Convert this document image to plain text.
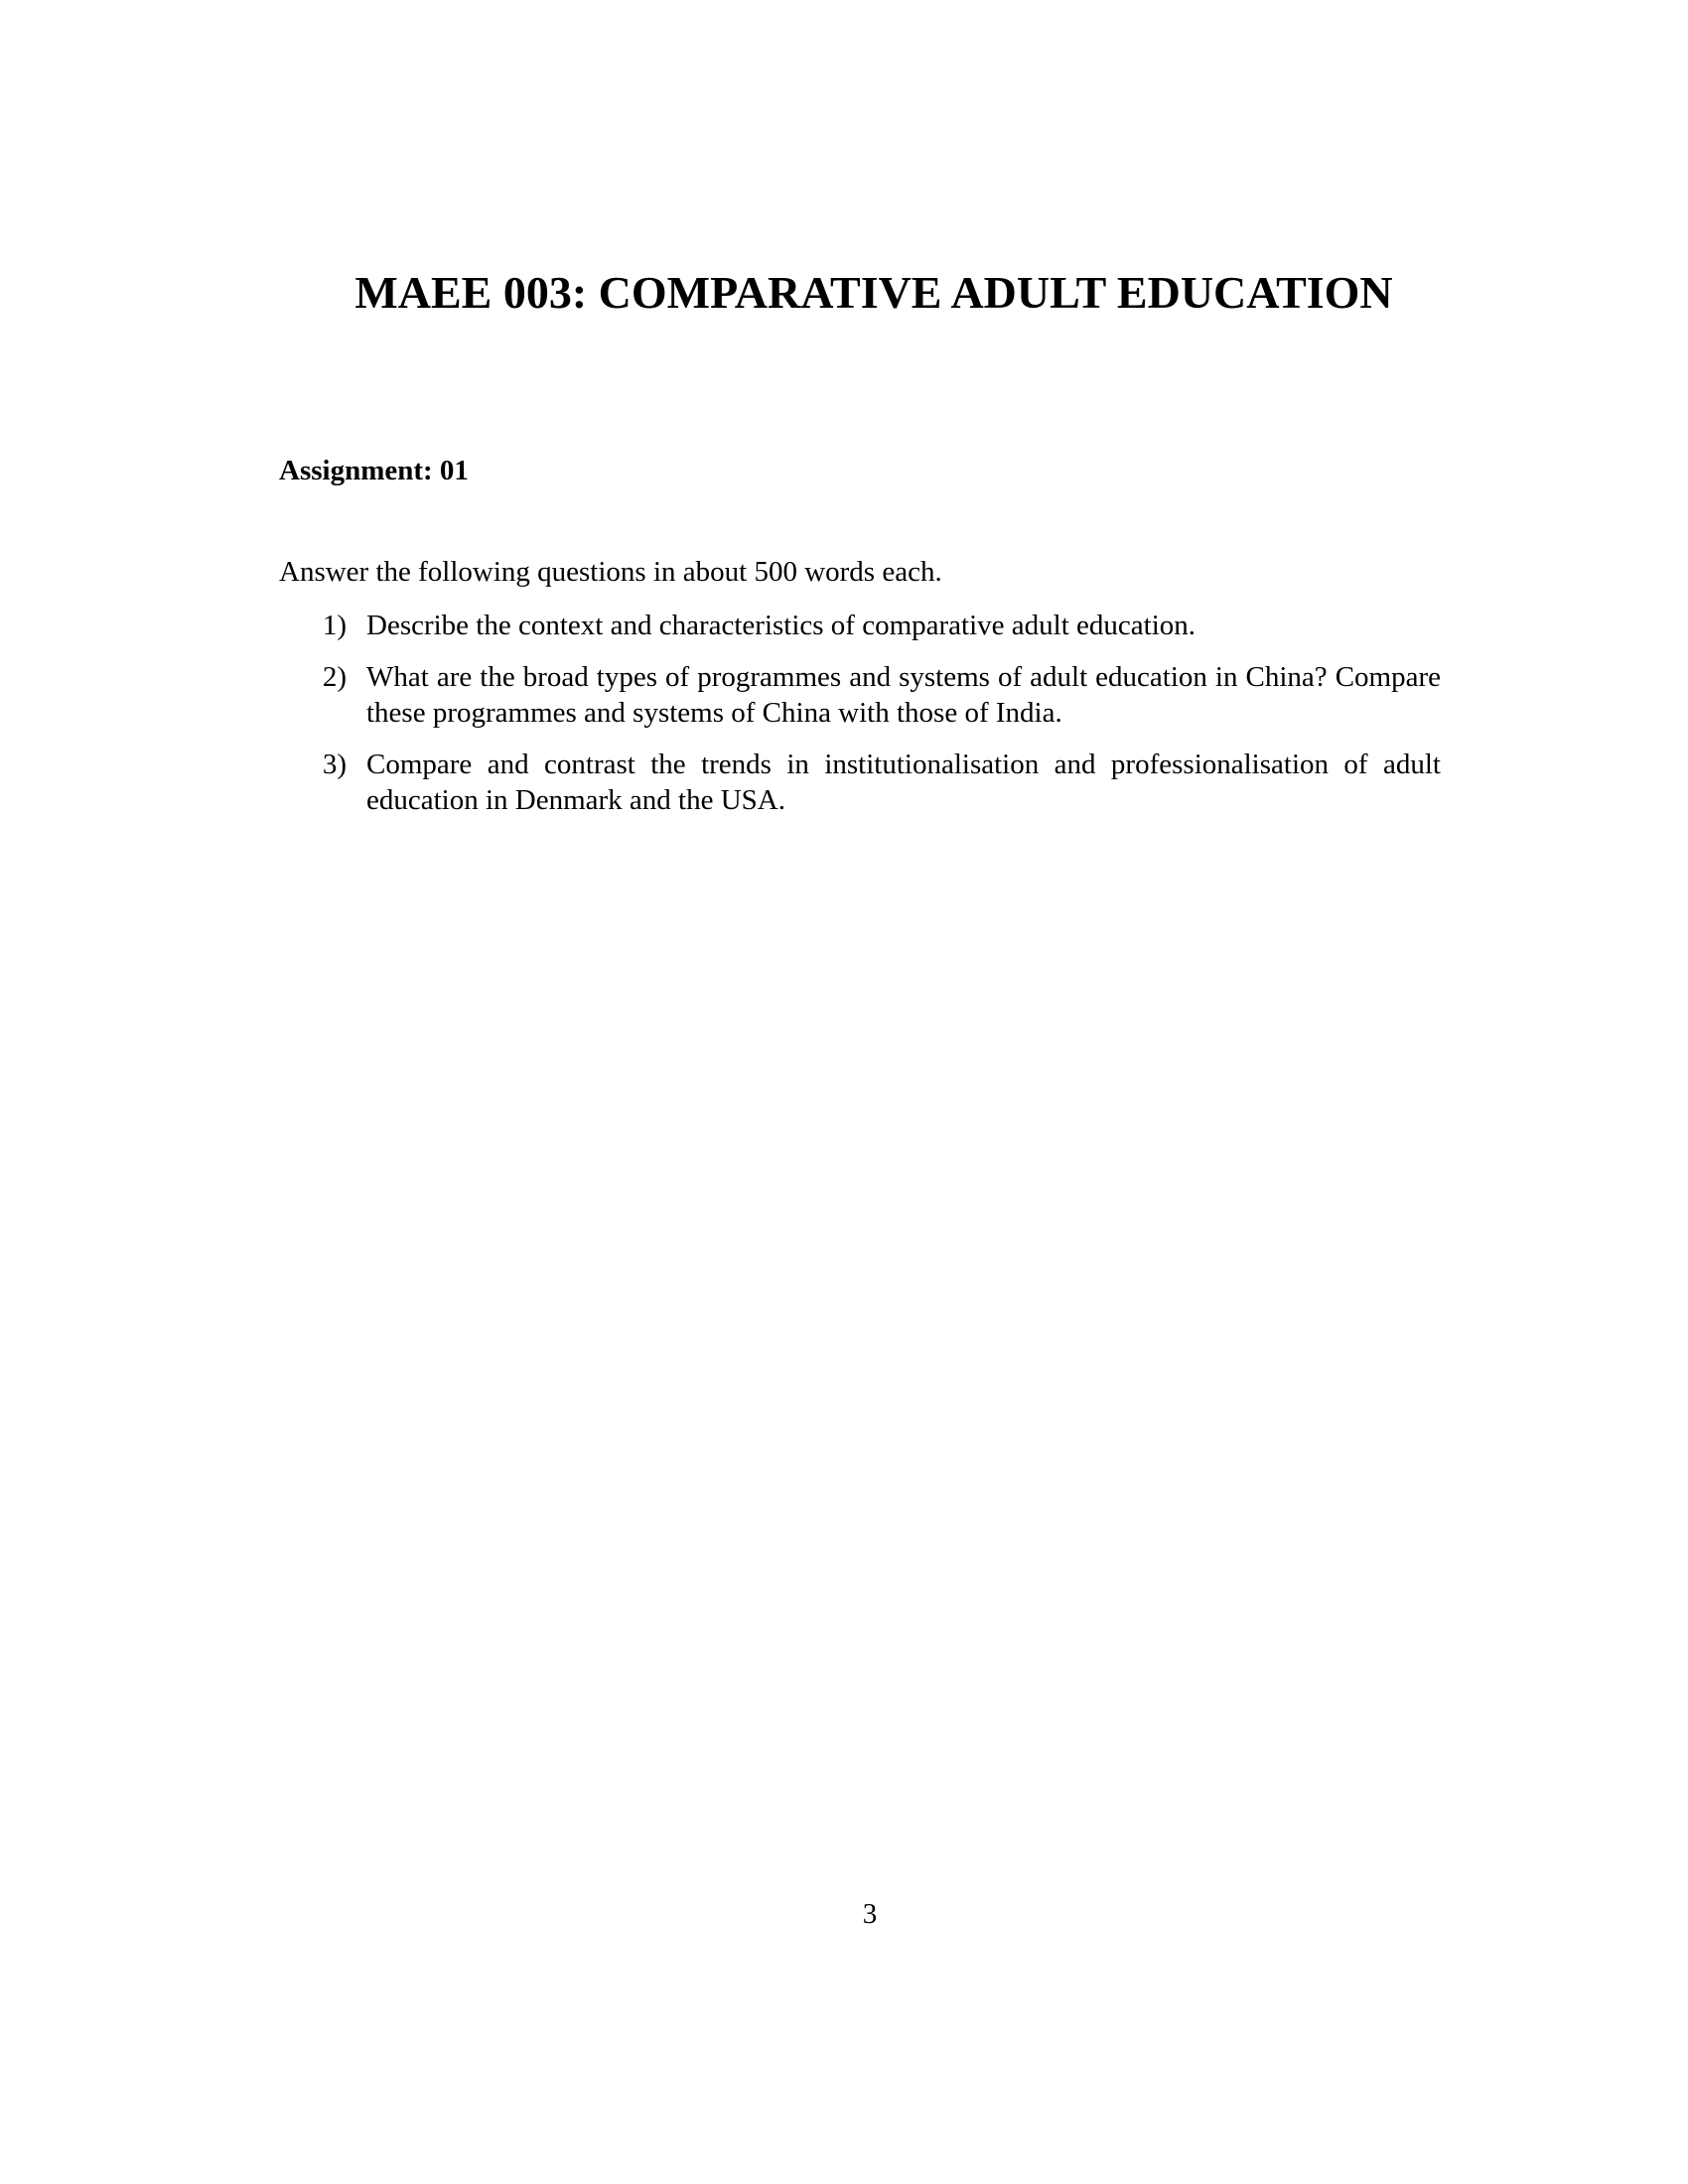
MAEE 003: COMPARATIVE ADULT EDUCATION
Assignment: 01
Answer the following questions in about 500 words each.
1) Describe the context and characteristics of comparative adult education.
2) What are the broad types of programmes and systems of adult education in China? Compare these programmes and systems of China with those of India.
3) Compare and contrast the trends in institutionalisation and professionalisation of adult education in Denmark and the USA.
3
